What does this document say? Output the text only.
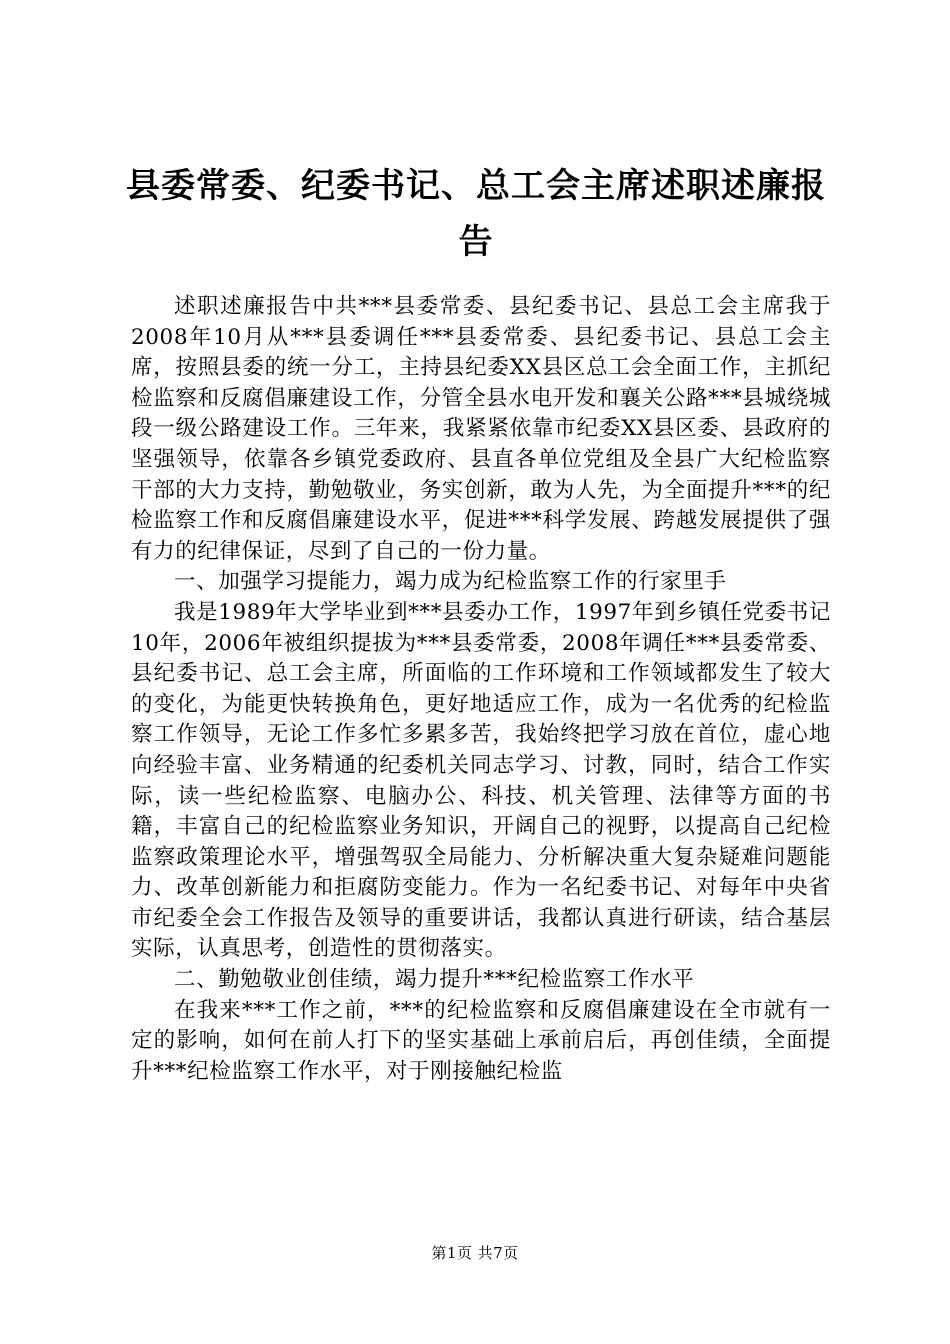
县委常委、纪委书记、总工会主席述职述廉报
告

述职述廉报告中共***县委常委、县纪委书记、县总工会主席我于2008年10月从***县委调任***县委常委、县纪委书记、县总工会主席，按照县委的统一分工，主持县纪委XX县区总工会全面工作，主抓纪检监察和反腐倡廉建设工作，分管全县水电开发和襄关公路***县城绕城段一级公路建设工作。三年来，我紧紧依靠市纪委XX县区委、县政府的坚强领导，依靠各乡镇党委政府、县直各单位党组及全县广大纪检监察干部的大力支持，勤勉敬业，务实创新，敢为人先，为全面提升***的纪检监察工作和反腐倡廉建设水平，促进***科学发展、跨越发展提供了强有力的纪律保证，尽到了自己的一份力量。

一、加强学习提能力，竭力成为纪检监察工作的行家里手

我是1989年大学毕业到***县委办工作，1997年到乡镇任党委书记10年，2006年被组织提拔为***县委常委，2008年调任***县委常委、县纪委书记、总工会主席，所面临的工作环境和工作领域都发生了较大的变化，为能更快转换角色，更好地适应工作，成为一名优秀的纪检监察工作领导，无论工作多忙多累多苦，我始终把学习放在首位，虚心地向经验丰富、业务精通的纪委机关同志学习、讨教，同时，结合工作实际，读一些纪检监察、电脑办公、科技、机关管理、法律等方面的书籍，丰富自己的纪检监察业务知识，开阔自己的视野，以提高自己纪检监察政策理论水平，增强驾驭全局能力、分析解决重大复杂疑难问题能力、改革创新能力和拒腐防变能力。作为一名纪委书记、对每年中央省市纪委全会工作报告及领导的重要讲话，我都认真进行研读，结合基层实际，认真思考，创造性的贯彻落实。

二、勤勉敬业创佳绩，竭力提升***纪检监察工作水平

在我来***工作之前，***的纪检监察和反腐倡廉建设在全市就有一定的影响，如何在前人打下的坚实基础上承前启后，再创佳绩，全面提升***纪检监察工作水平，对于刚接触纪检监

第1页 共7页
